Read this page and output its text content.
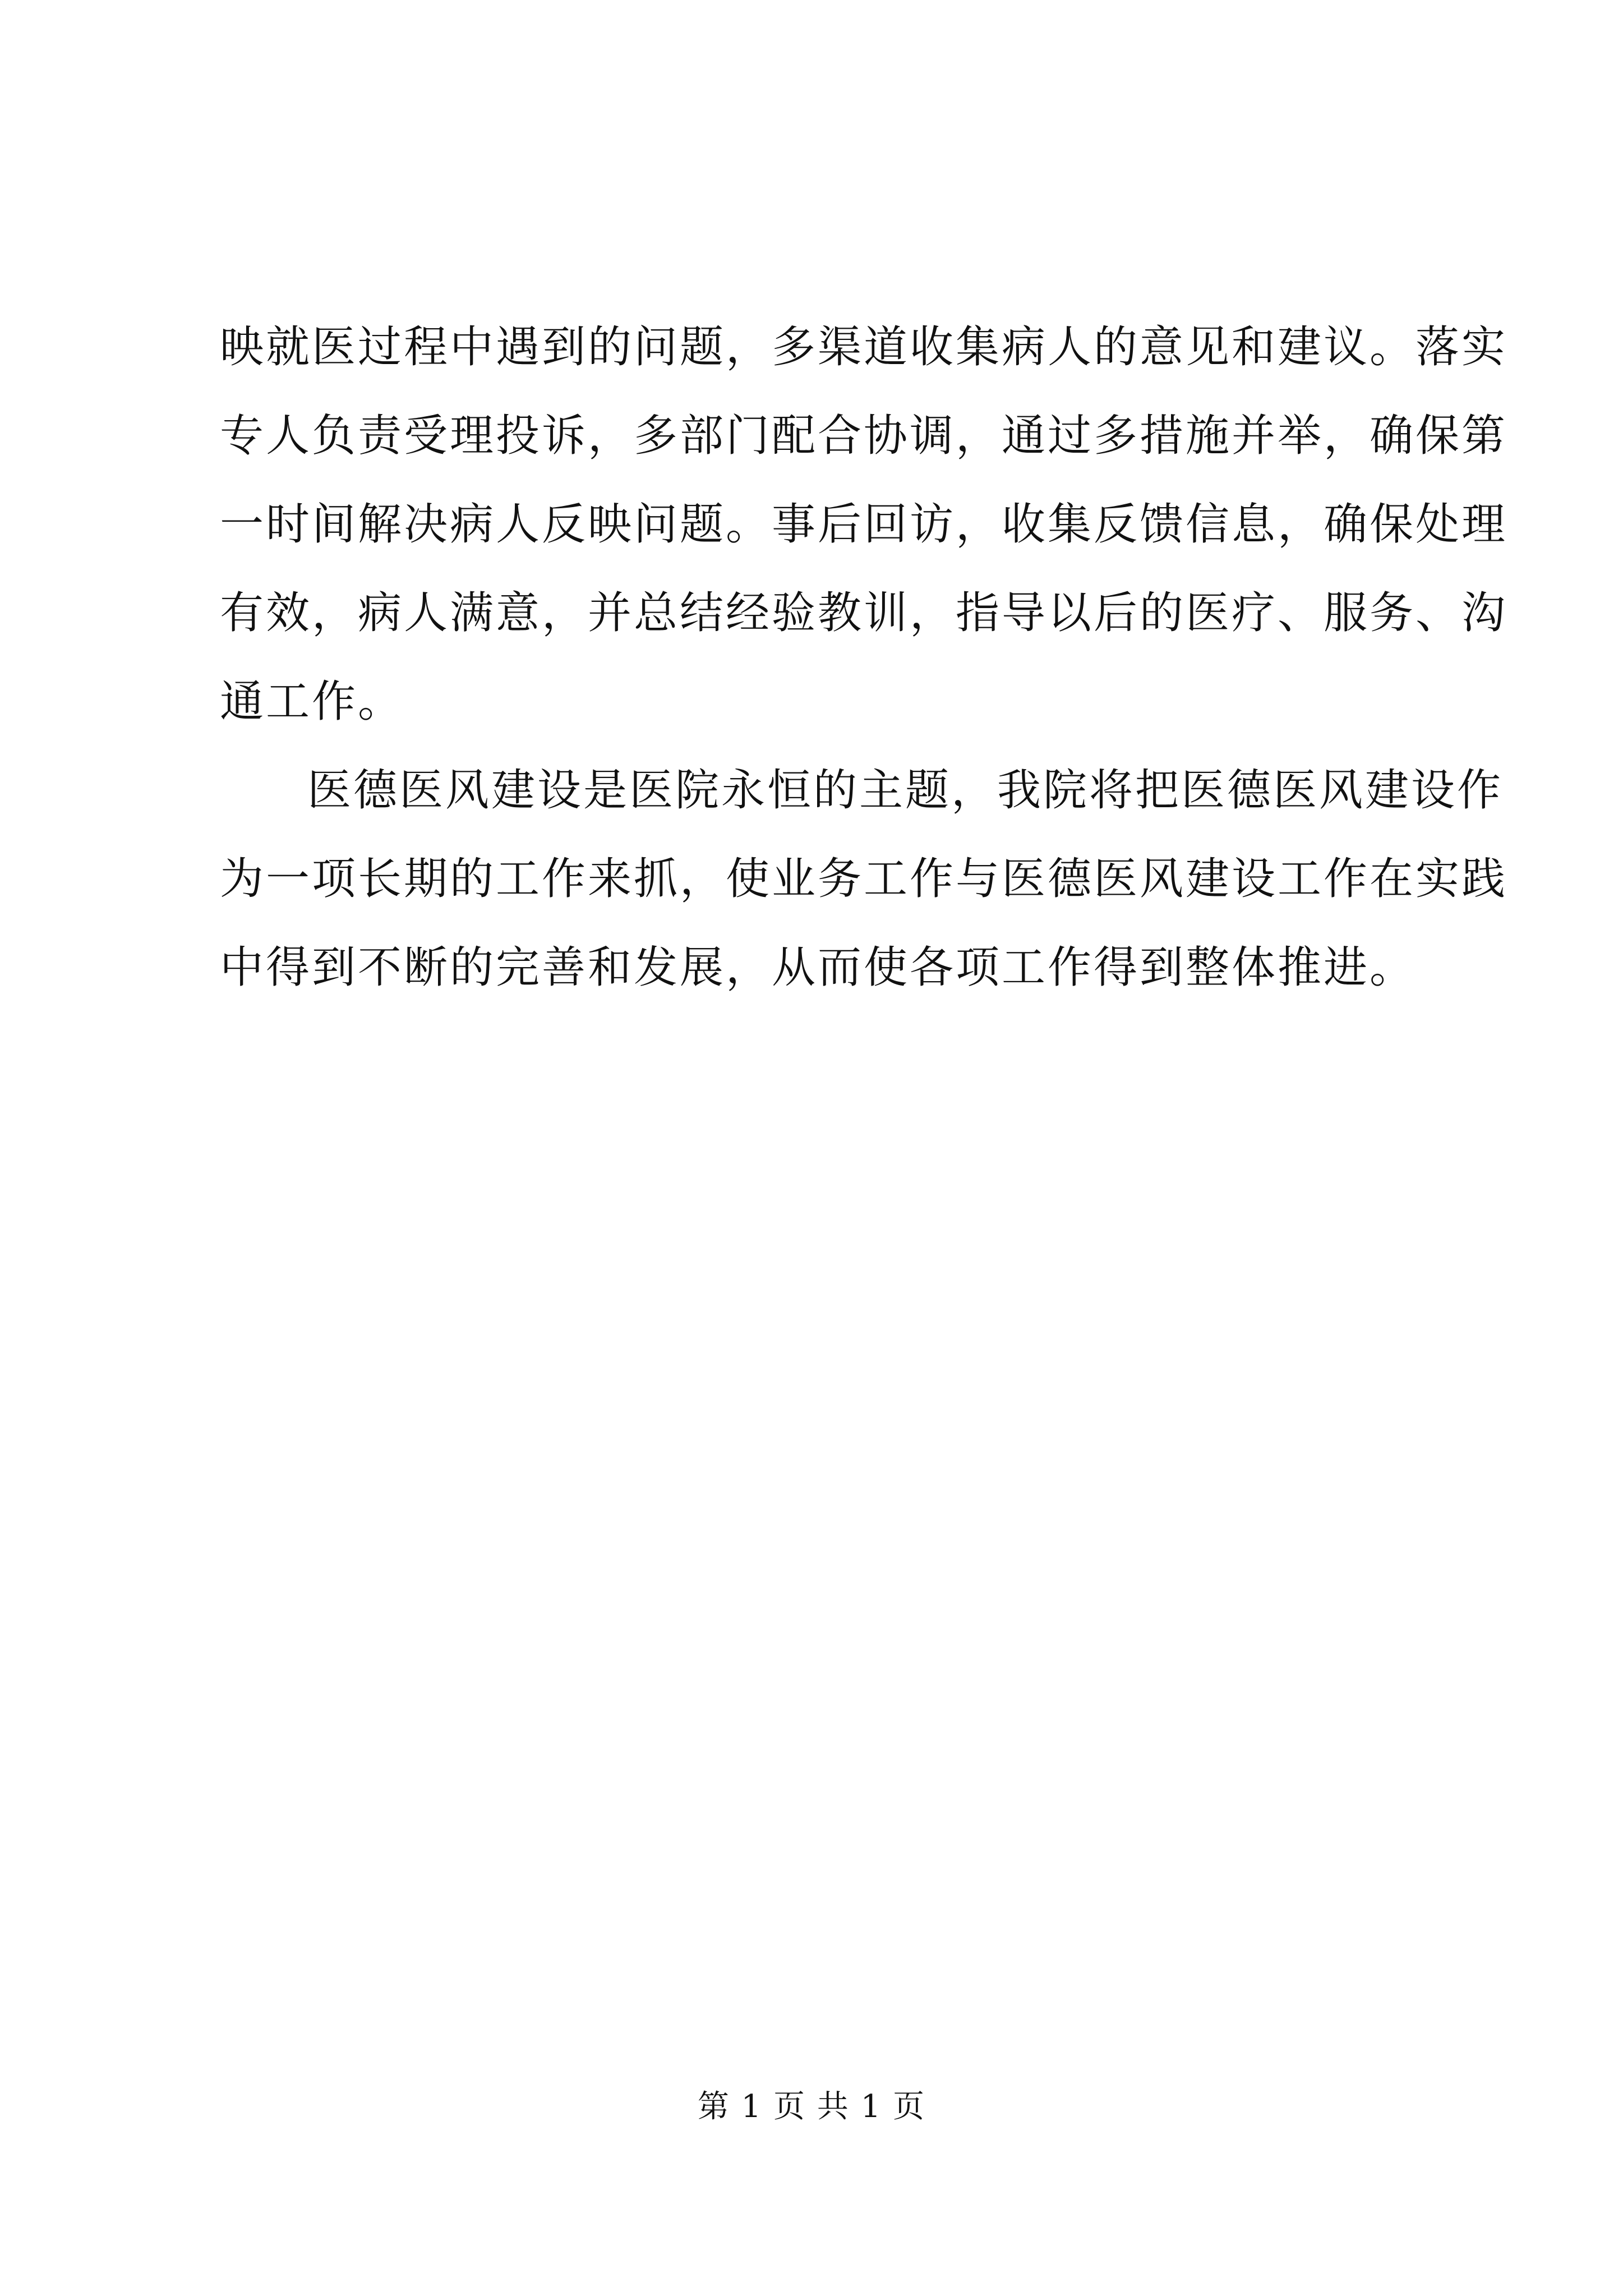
映就医过程中遇到的问题，多渠道收集病人的意见和建议。落实
专人负责受理投诉，多部门配合协调，通过多措施并举，确保第
一时间解决病人反映问题。事后回访，收集反馈信息，确保处理
有效，病人满意，并总结经验教训，指导以后的医疗、服务、沟
通工作。
医德医风建设是医院永恒的主题，我院将把医德医风建设作
为一项长期的工作来抓，使业务工作与医德医风建设工作在实践
中得到不断的完善和发展，从而使各项工作得到整体推进。
第 1 页 共 1 页
